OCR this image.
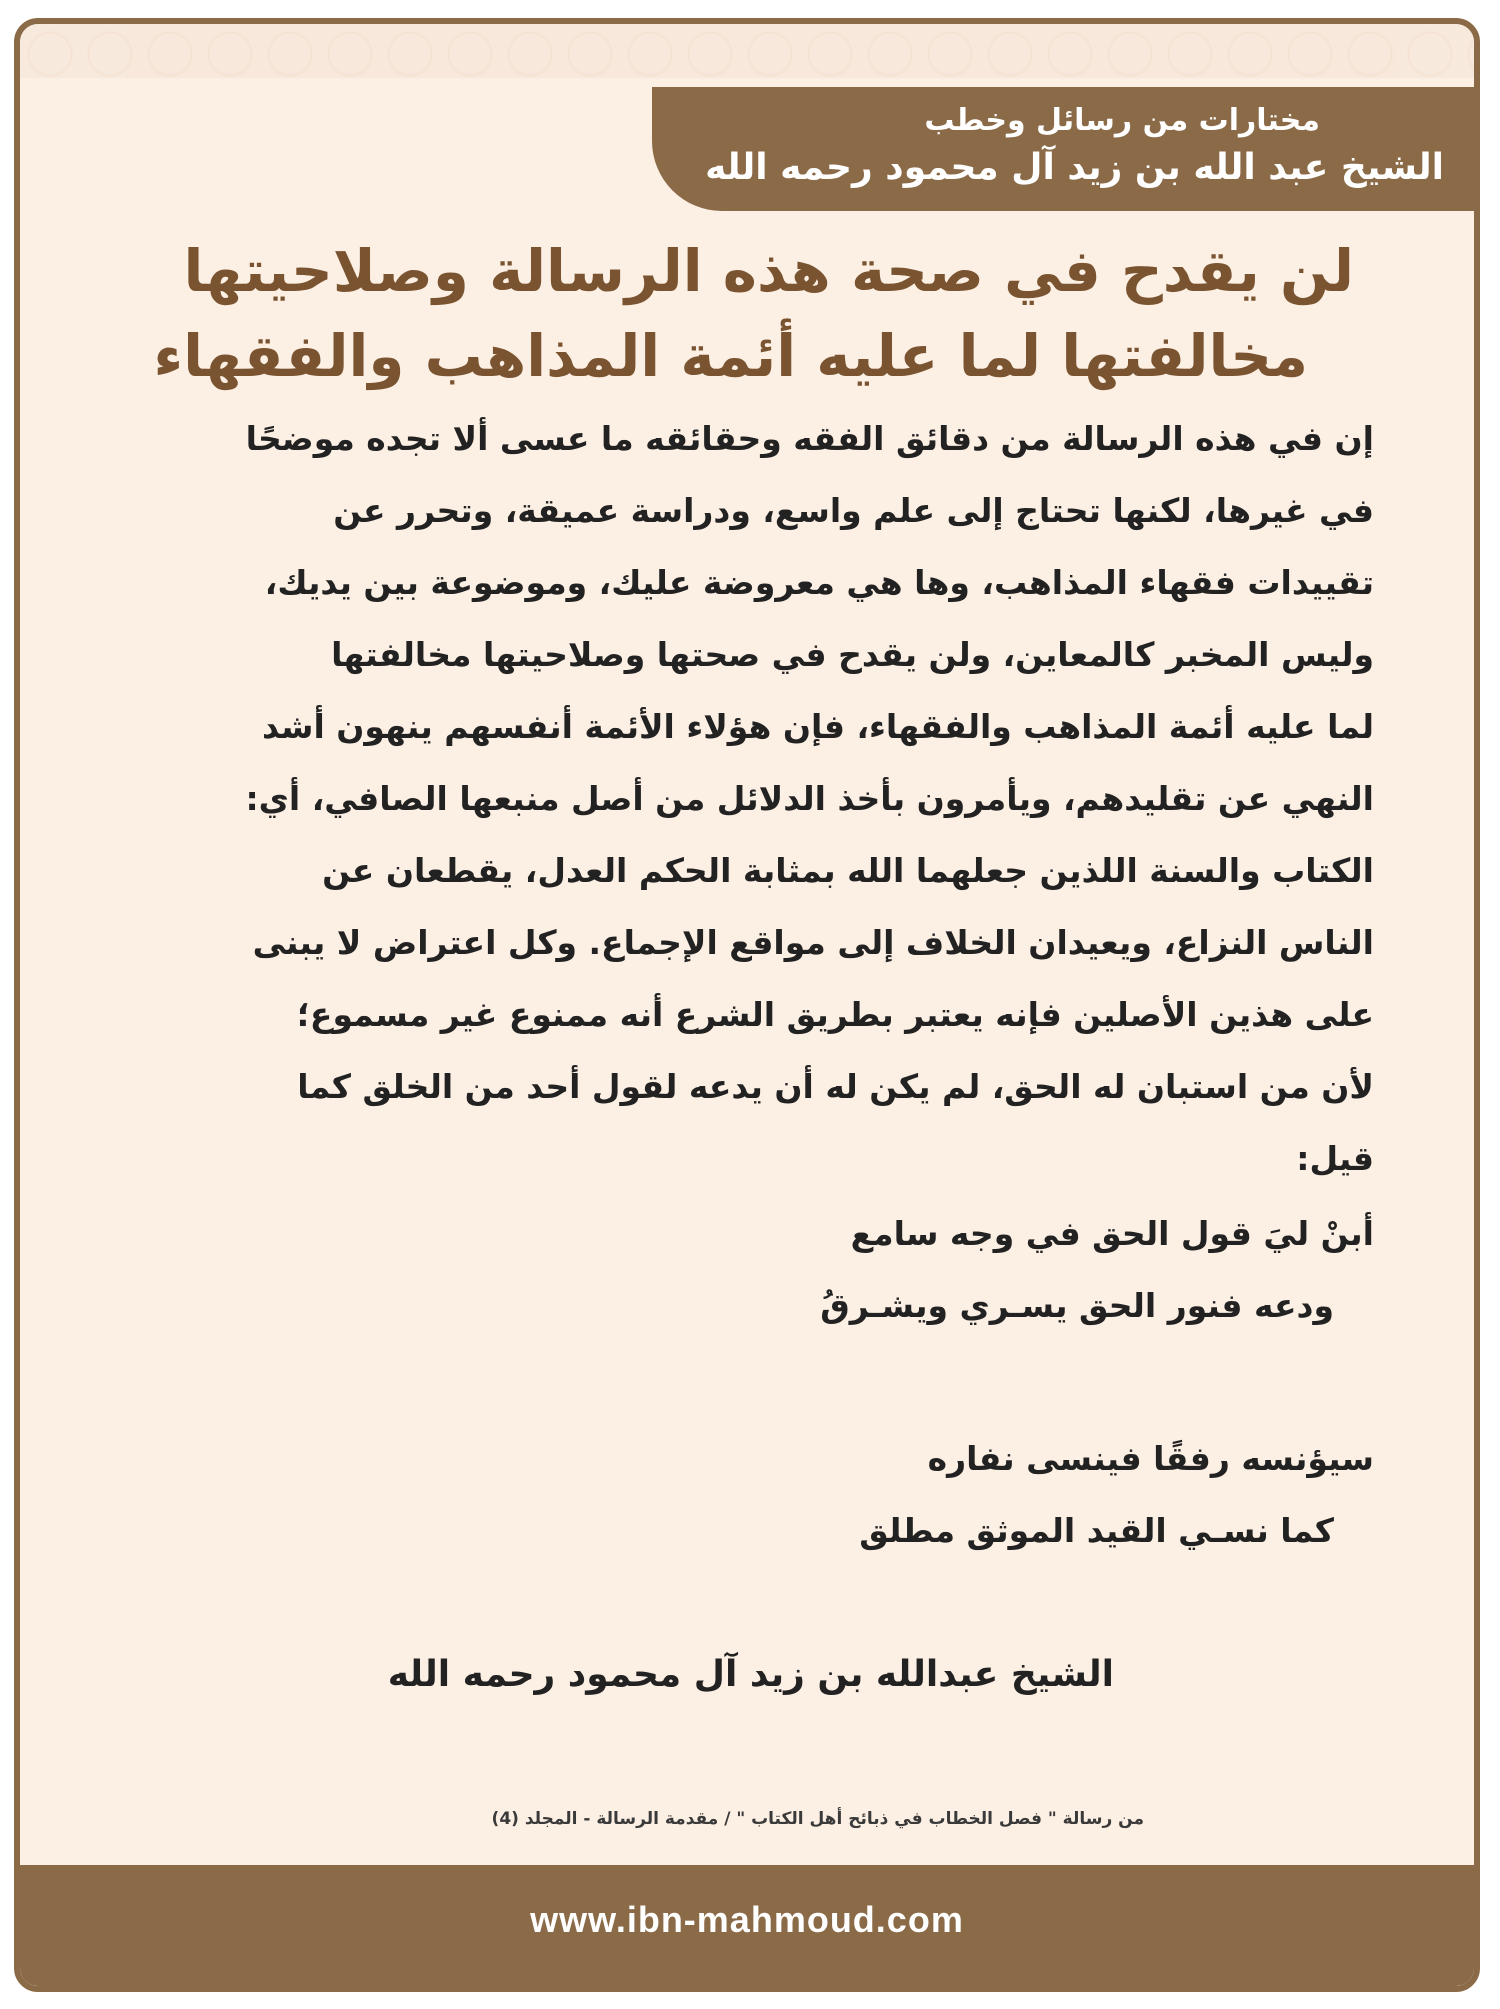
مختارات من رسائل وخطب
الشيخ عبد الله بن زيد آل محمود رحمه الله
لن يقدح في صحة هذه الرسالة وصلاحيتها
مخالفتها لما عليه أئمة المذاهب والفقهاء
إن في هذه الرسالة من دقائق الفقه وحقائقه ما عسى ألا تجده موضحًا
في غيرها، لكنها تحتاج إلى علم واسع، ودراسة عميقة، وتحرر عن
تقييدات فقهاء المذاهب، وها هي معروضة عليك، وموضوعة بين يديك،
وليس المخبر كالمعاين، ولن يقدح في صحتها وصلاحيتها مخالفتها
لما عليه أئمة المذاهب والفقهاء، فإن هؤلاء الأئمة أنفسهم ينهون أشد
النهي عن تقليدهم، ويأمرون بأخذ الدلائل من أصل منبعها الصافي، أي:
الكتاب والسنة اللذين جعلهما الله بمثابة الحكم العدل، يقطعان عن
الناس النزاع، ويعيدان الخلاف إلى مواقع الإجماع. وكل اعتراض لا يبنى
على هذين الأصلين فإنه يعتبر بطريق الشرع أنه ممنوع غير مسموع؛
لأن من استبان له الحق، لم يكن له أن يدعه لقول أحد من الخلق كما
قيل:
أبنْ ليَ قول الحق في وجه سامع
ودعه فنور الحق يسـري ويشـرقُ
سيؤنسه رفقًا فينسى نفاره
كما نسـي القيد الموثق مطلق
الشيخ عبدالله بن زيد آل محمود رحمه الله
من رسالة " فصل الخطاب في ذبائح أهل الكتاب " / مقدمة الرسالة - المجلد (4)
www.ibn-mahmoud.com
